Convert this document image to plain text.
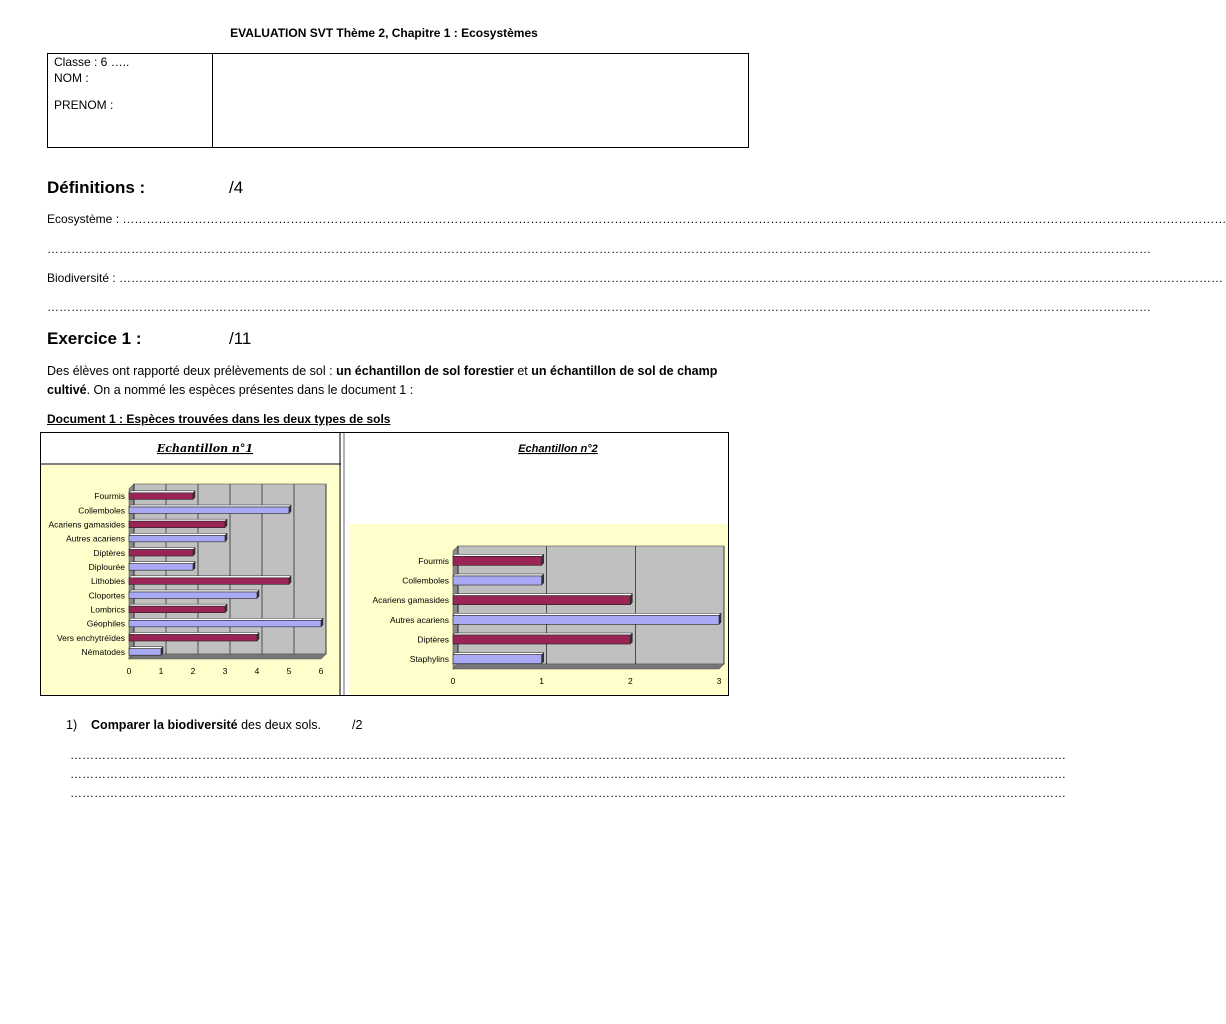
EVALUATION SVT Thème 2, Chapitre 1 : Ecosystèmes
Classe : 6 …..
NOM :
PRENOM :
Définitions :	/4
Ecosystème : ……………………………………………………………………………………………………………………………………………………………………………………………………………………………………………………
……………………………………………………………………………………………………………………………………………………………………………………………………………………………………………………
Biodiversité : ……………………………………………………………………………………………………………………………………………………………………………………………………………………………………………………
……………………………………………………………………………………………………………………………………………………………………………………………………………………………………………………
Exercice 1 :	/11
Des élèves ont rapporté deux prélèvements de sol : un échantillon de sol forestier et un échantillon de sol de champ cultivé. On a nommé les espèces présentes dans le document 1 :
Document 1 : Espèces trouvées dans les deux types de sols
Echantillon n°1	Echantillon n°2
0	1	2	3	4	5	6
Fourmis
Collemboles
Acariens gamasides
Autres acariens
Diptères
Diplourée
Lithobies
Cloportes
Lombrics
Géophiles
Vers enchytréïdes
Nématodes
0	1	2	3
Fourmis
Collemboles
Acariens gamasides
Autres acariens
Diptères
Staphylins
1) Comparer la biodiversité des deux sols. /2
……………………………………………………………………………………………………………………………………………………………………………………………………………………………
……………………………………………………………………………………………………………………………………………………………………………………………………………………………
……………………………………………………………………………………………………………………………………………………………………………………………………………………………
